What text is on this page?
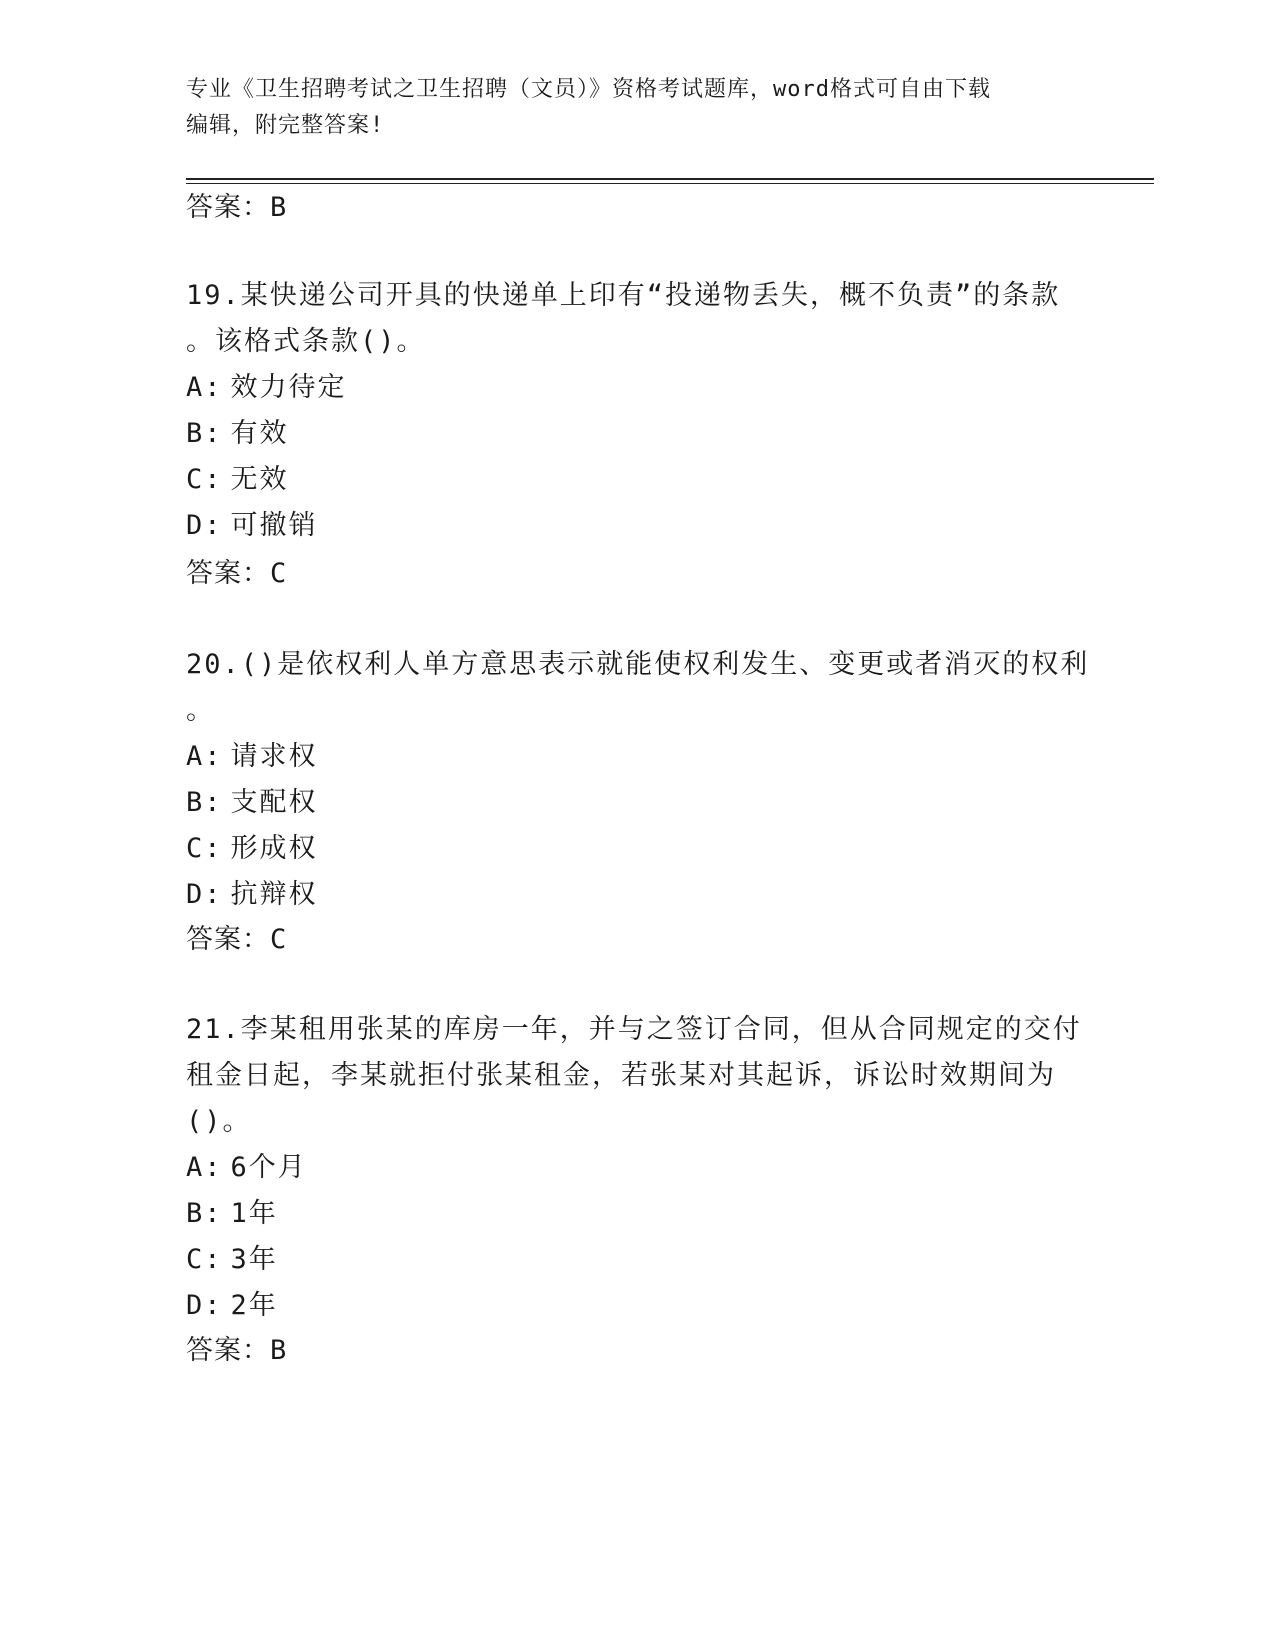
专业《卫生招聘考试之卫生招聘（文员）》资格考试题库，word格式可自由下载
编辑，附完整答案!
答案：B
19.某快递公司开具的快递单上印有“投递物丢失，概不负责”的条款
。该格式条款()。
A: 效力待定
B: 有效
C: 无效
D: 可撤销
答案：C
20.()是依权利人单方意思表示就能使权利发生、变更或者消灭的权利
。
A: 请求权
B: 支配权
C: 形成权
D: 抗辩权
答案：C
21.李某租用张某的库房一年，并与之签订合同，但从合同规定的交付
租金日起，李某就拒付张某租金，若张某对其起诉，诉讼时效期间为
()。
A: 6个月
B: 1年
C: 3年
D: 2年
答案：B
